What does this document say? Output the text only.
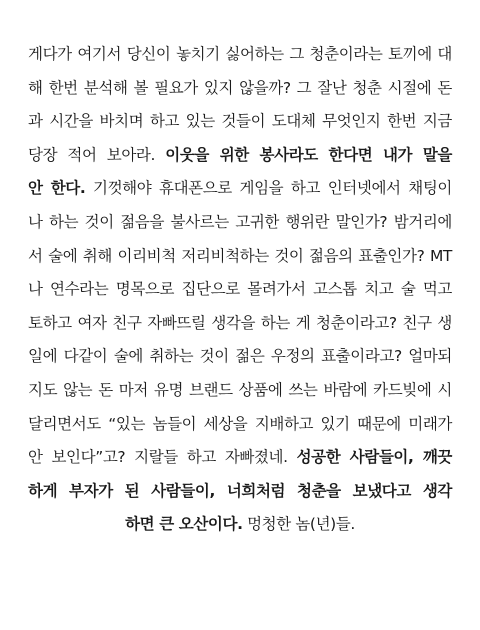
게다가 여기서 당신이 놓치기 싫어하는 그 청춘이라는 토끼에 대
해 한번 분석해 볼 필요가 있지 않을까? 그 잘난 청춘 시절에 돈
과 시간을 바치며 하고 있는 것들이 도대체 무엇인지 한번 지금
당장 적어 보아라. 이웃을 위한 봉사라도 한다면 내가 말을
안 한다. 기껏해야 휴대폰으로 게임을 하고 인터넷에서 채팅이
나 하는 것이 젊음을 불사르는 고귀한 행위란 말인가? 밤거리에
서 술에 취해 이리비척 저리비척하는 것이 젊음의 표출인가? MT
나 연수라는 명목으로 집단으로 몰려가서 고스톱 치고 술 먹고
토하고 여자 친구 자빠뜨릴 생각을 하는 게 청춘이라고? 친구 생
일에 다같이 술에 취하는 것이 젊은 우정의 표출이라고? 얼마되
지도 않는 돈 마저 유명 브랜드 상품에 쓰는 바람에 카드빚에 시
달리면서도 “있는 놈들이 세상을 지배하고 있기 때문에 미래가
안 보인다”고? 지랄들 하고 자빠졌네. 성공한 사람들이, 깨끗
하게 부자가 된 사람들이, 너희처럼 청춘을 보냈다고 생각
하면 큰 오산이다. 멍청한 놈(년)들.
